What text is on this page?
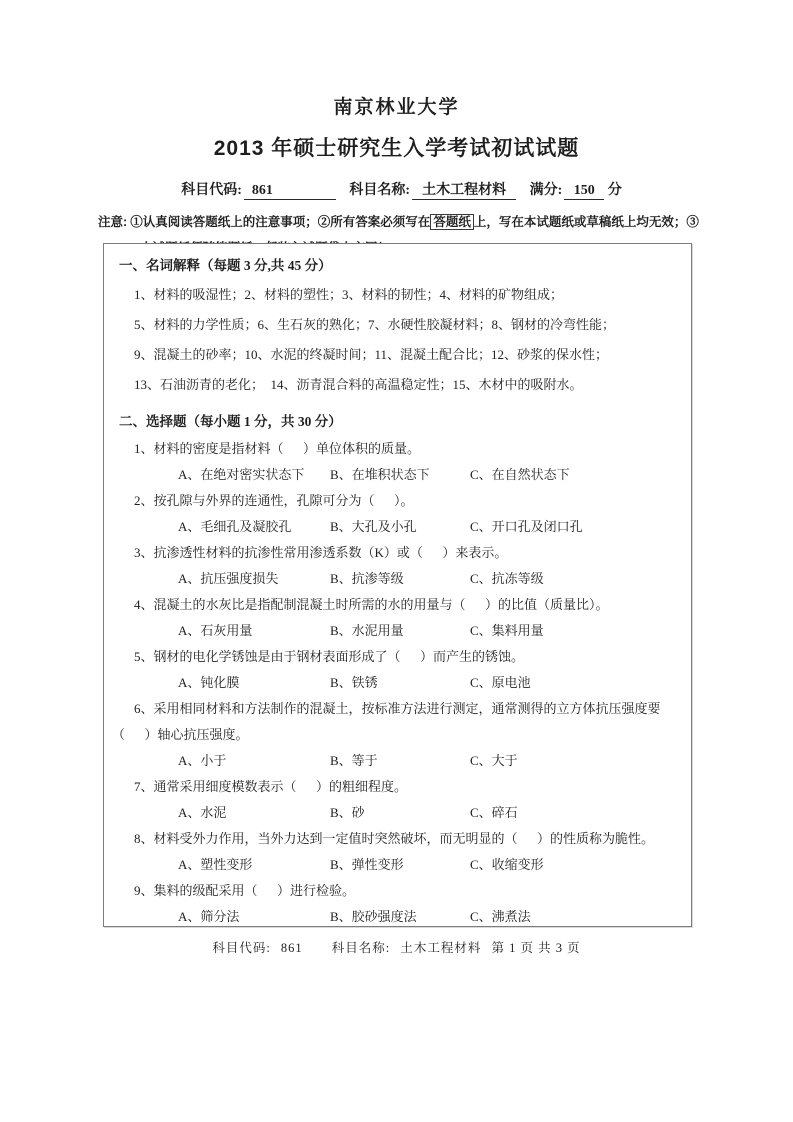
南京林业大学
2013 年硕士研究生入学考试初试试题
科目代码: 861	科目名称: 土木工程材料 满分: 150 分
注意: ①认真阅读答题纸上的注意事项；②所有答案必须写在 答题纸 上，写在本试题纸或草稿纸上均无效；③
一、名词解释（每题 3 分,共 45 分）
1、材料的吸湿性；2、材料的塑性；3、材料的韧性；4、材料的矿物组成；
5、材料的力学性质；6、生石灰的熟化；7、水硬性胶凝材料；8、钢材的冷弯性能；
9、混凝土的砂率；10、水泥的终凝时间；11、混凝土配合比；12、砂浆的保水性；
13、石油沥青的老化；  14、沥青混合料的高温稳定性；15、木材中的吸附水。
二、选择题（每小题 1 分，共 30 分）
1、材料的密度是指材料（      ）单位体积的质量。
A、在绝对密实状态下 B、在堆积状态下	C、在自然状态下
2、按孔隙与外界的连通性，孔隙可分为（      ）。
A、毛细孔及凝胶孔	B、大孔及小孔	C、开口孔及闭口孔
3、抗渗透性材料的抗渗性常用渗透系数（K）或（      ）来表示。
A、抗压强度损失	B、抗渗等级	C、抗冻等级
4、混凝土的水灰比是指配制混凝土时所需的水的用量与（      ）的比值（质量比）。
A、石灰用量	B、水泥用量	C、集料用量
5、钢材的电化学锈蚀是由于钢材表面形成了（      ）而产生的锈蚀。
A、钝化膜	B、铁锈	C、原电池
6、采用相同材料和方法制作的混凝土，按标准方法进行测定，通常测得的立方体抗压强度要
（      ）轴心抗压强度。
A、小于	B、等于	C、大于
7、通常采用细度模数表示（      ）的粗细程度。
A、水泥	B、砂	C、碎石
8、材料受外力作用，当外力达到一定值时突然破坏，而无明显的（      ）的性质称为脆性。
A、塑性变形	B、弹性变形	C、收缩变形
9、集料的级配采用（      ）进行检验。
A、筛分法	B、胶砂强度法	C、沸煮法
科目代码: 861 科目名称: 土木工程材料 第 1 页 共 3 页
